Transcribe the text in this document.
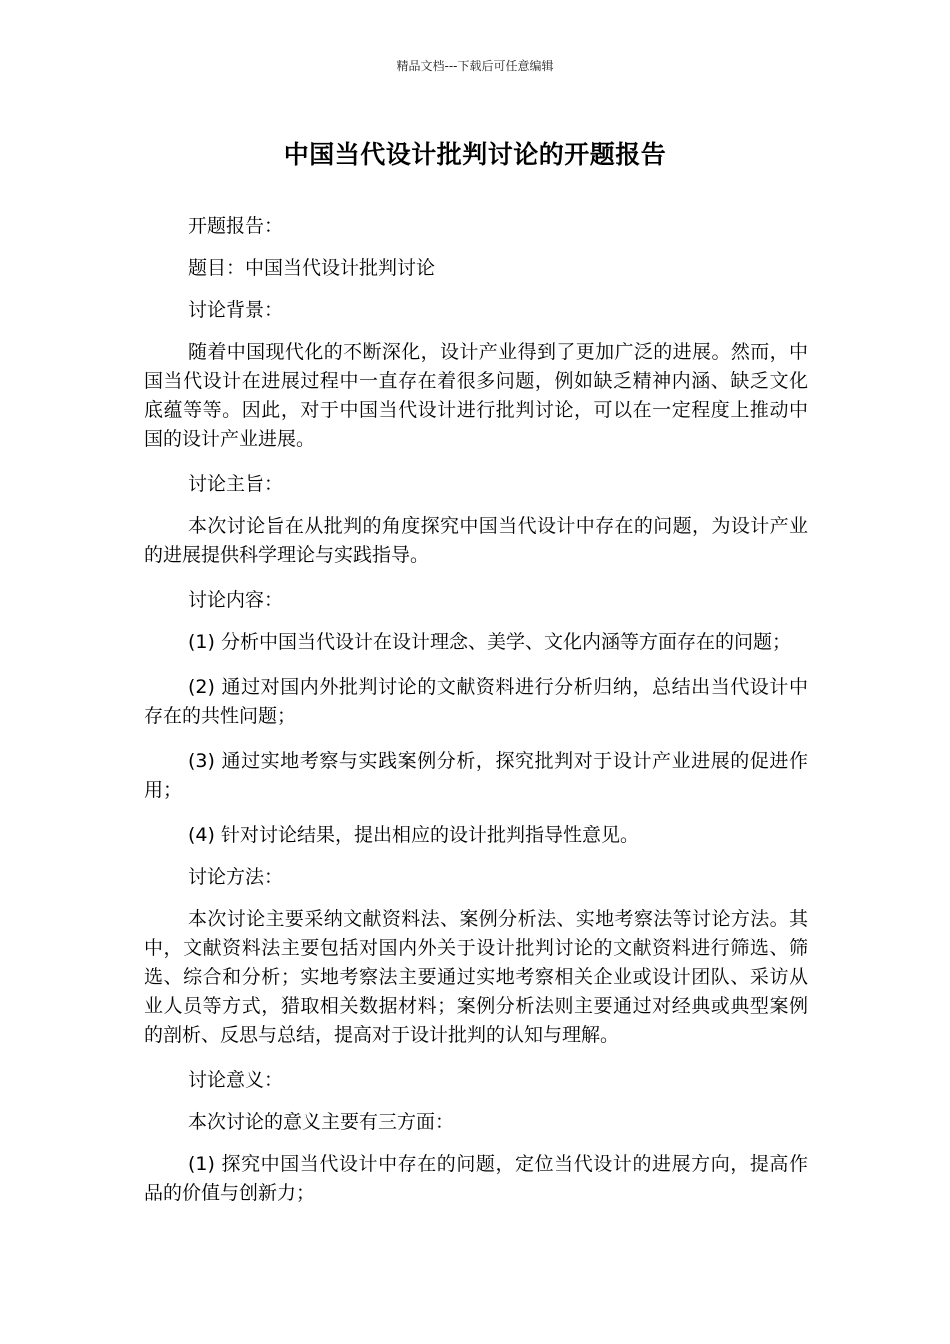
精品文档---下载后可任意编辑
中国当代设计批判讨论的开题报告

开题报告：

题目：中国当代设计批判讨论

讨论背景：

随着中国现代化的不断深化，设计产业得到了更加广泛的进展。然而，中国当代设计在进展过程中一直存在着很多问题，例如缺乏精神内涵、缺乏文化底蕴等等。因此，对于中国当代设计进行批判讨论，可以在一定程度上推动中国的设计产业进展。

讨论主旨：

本次讨论旨在从批判的角度探究中国当代设计中存在的问题，为设计产业的进展提供科学理论与实践指导。

讨论内容：

(1) 分析中国当代设计在设计理念、美学、文化内涵等方面存在的问题；

(2) 通过对国内外批判讨论的文献资料进行分析归纳，总结出当代设计中存在的共性问题；

(3) 通过实地考察与实践案例分析，探究批判对于设计产业进展的促进作用；

(4) 针对讨论结果，提出相应的设计批判指导性意见。

讨论方法：

本次讨论主要采纳文献资料法、案例分析法、实地考察法等讨论方法。其中，文献资料法主要包括对国内外关于设计批判讨论的文献资料进行筛选、筛选、综合和分析；实地考察法主要通过实地考察相关企业或设计团队、采访从业人员等方式，猎取相关数据材料；案例分析法则主要通过对经典或典型案例的剖析、反思与总结，提高对于设计批判的认知与理解。

讨论意义：

本次讨论的意义主要有三方面：

(1) 探究中国当代设计中存在的问题，定位当代设计的进展方向，提高作品的价值与创新力；
